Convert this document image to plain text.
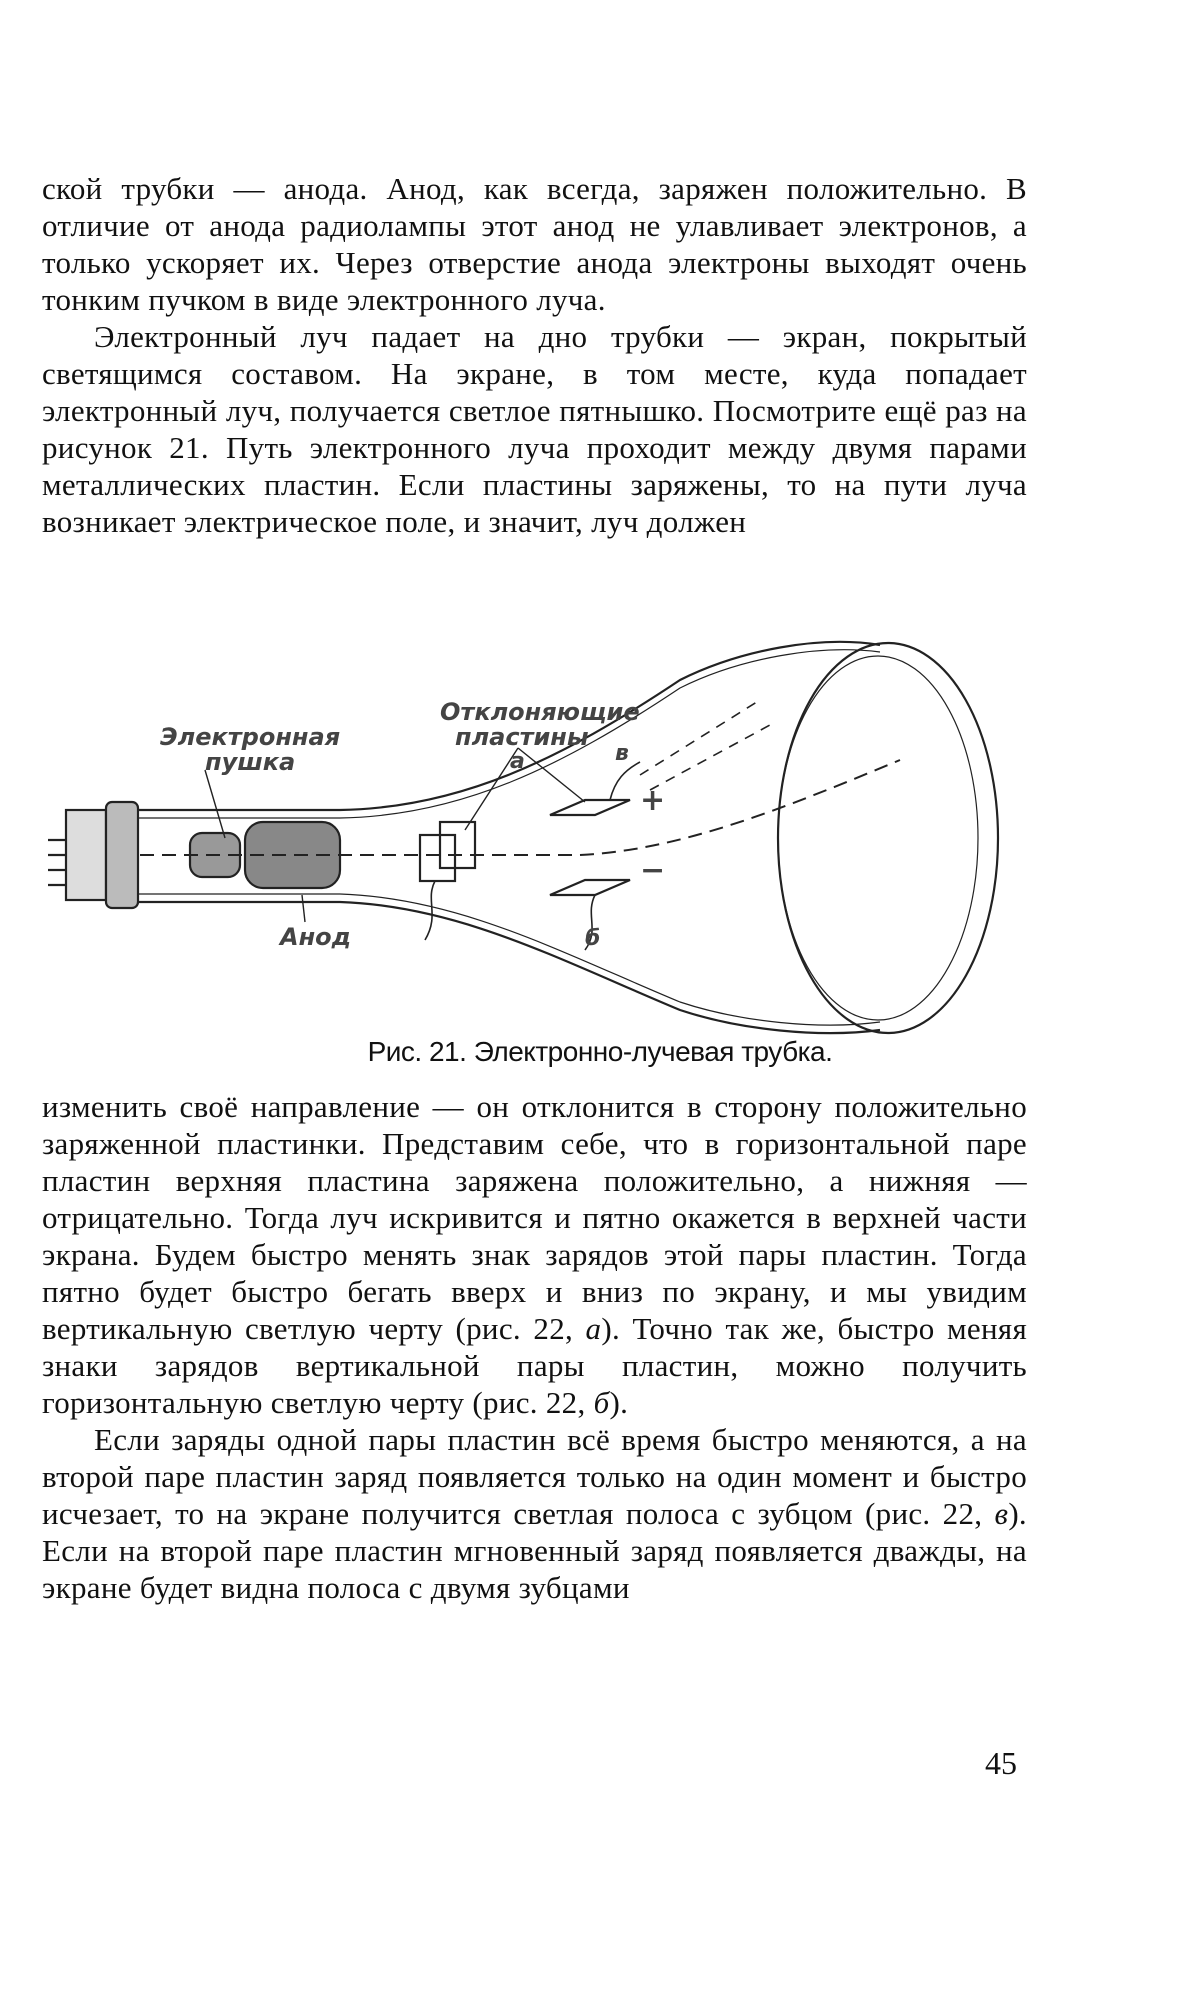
ской трубки — анода. Анод, как всегда, заряжен положительно. В отличие от анода радиолампы этот анод не улавливает электронов, а только ускоряет их. Через отверстие анода электроны выходят очень тонким пучком в виде электронного луча.

Электронный луч падает на дно трубки — экран, покрытый светящимся составом. На экране, в том месте, куда попадает электронный луч, получается светлое пятнышко. Посмотрите ещё раз на рисунок 21. Путь электронного луча проходит между двумя парами металлических пластин. Если пластины заряжены, то на пути луча возникает электрическое поле, и значит, луч должен

Электронная
пушка
Отклоняющие
пластины
Анод
а
б
в
+
−
Рис. 21. Электронно-лучевая трубка.

изменить своё направление — он отклонится в сторону положительно заряженной пластинки. Представим себе, что в горизонтальной паре пластин верхняя пластина заряжена положительно, а нижняя — отрицательно. Тогда луч искривится и пятно окажется в верхней части экрана. Будем быстро менять знак зарядов этой пары пластин. Тогда пятно будет быстро бегать вверх и вниз по экрану, и мы увидим вертикальную светлую черту (рис. 22, а). Точно так же, быстро меняя знаки зарядов вертикальной пары пластин, можно получить горизонтальную светлую черту (рис. 22, б).

Если заряды одной пары пластин всё время быстро меняются, а на второй паре пластин заряд появляется только на один момент и быстро исчезает, то на экране получится светлая полоса с зубцом (рис. 22, в). Если на второй паре пластин мгновенный заряд появляется дважды, на экране будет видна полоса с двумя зубцами

45
